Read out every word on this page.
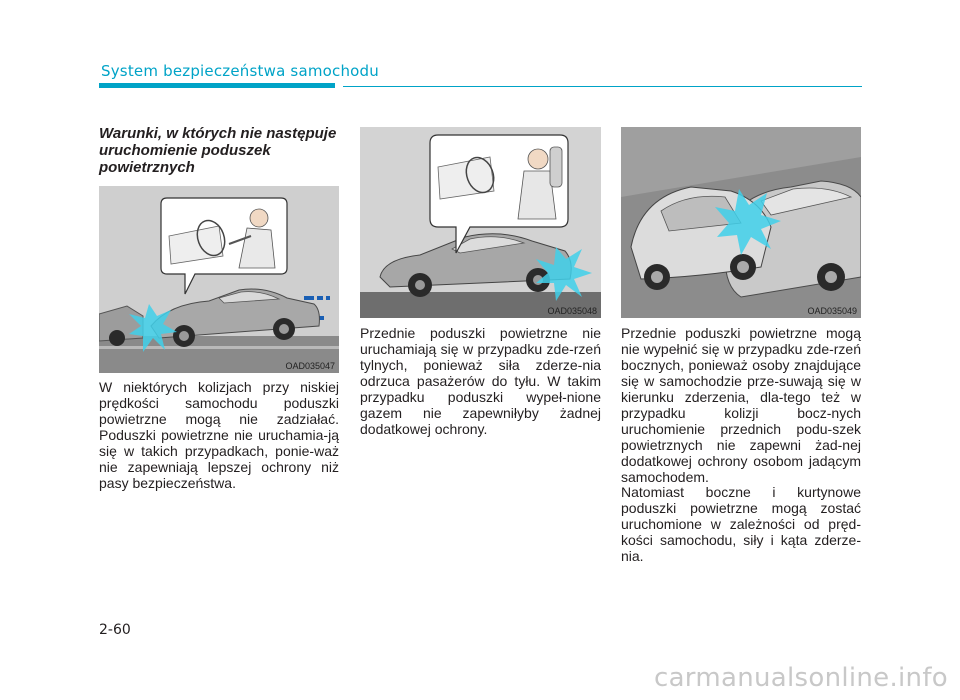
System bezpieczeństwa samochodu
Warunki, w których nie następuje uruchomienie poduszek powietrznych
OAD035047
OAD035048	OAD035049

W niektórych kolizjach przy niskiej prędkości samochodu poduszki powietrzne mogą nie zadziałać. Poduszki powietrzne nie uruchamia-ją się w takich przypadkach, ponie-waż nie zapewniają lepszej ochrony niż pasy bezpieczeństwa.

Przednie poduszki powietrzne nie uruchamiają się w przypadku zde-rzeń tylnych, ponieważ siła zderze-nia odrzuca pasażerów do tyłu. W takim przypadku poduszki wypeł-nione gazem nie zapewniłyby żadnej dodatkowej ochrony.

Przednie poduszki powietrzne mogą nie wypełnić się w przypadku zde-rzeń bocznych, ponieważ osoby znajdujące się w samochodzie prze-suwają się w kierunku zderzenia, dla-tego też w przypadku kolizji bocz-nych uruchomienie przednich podu-szek powietrznych nie zapewni żad-nej dodatkowej ochrony osobom jadącym samochodem.

Natomiast boczne i kurtynowe poduszki powietrzne mogą zostać uruchomione w zależności od pręd-kości samochodu, siły i kąta zderze-nia.

2-60
carmanualsonline.info
